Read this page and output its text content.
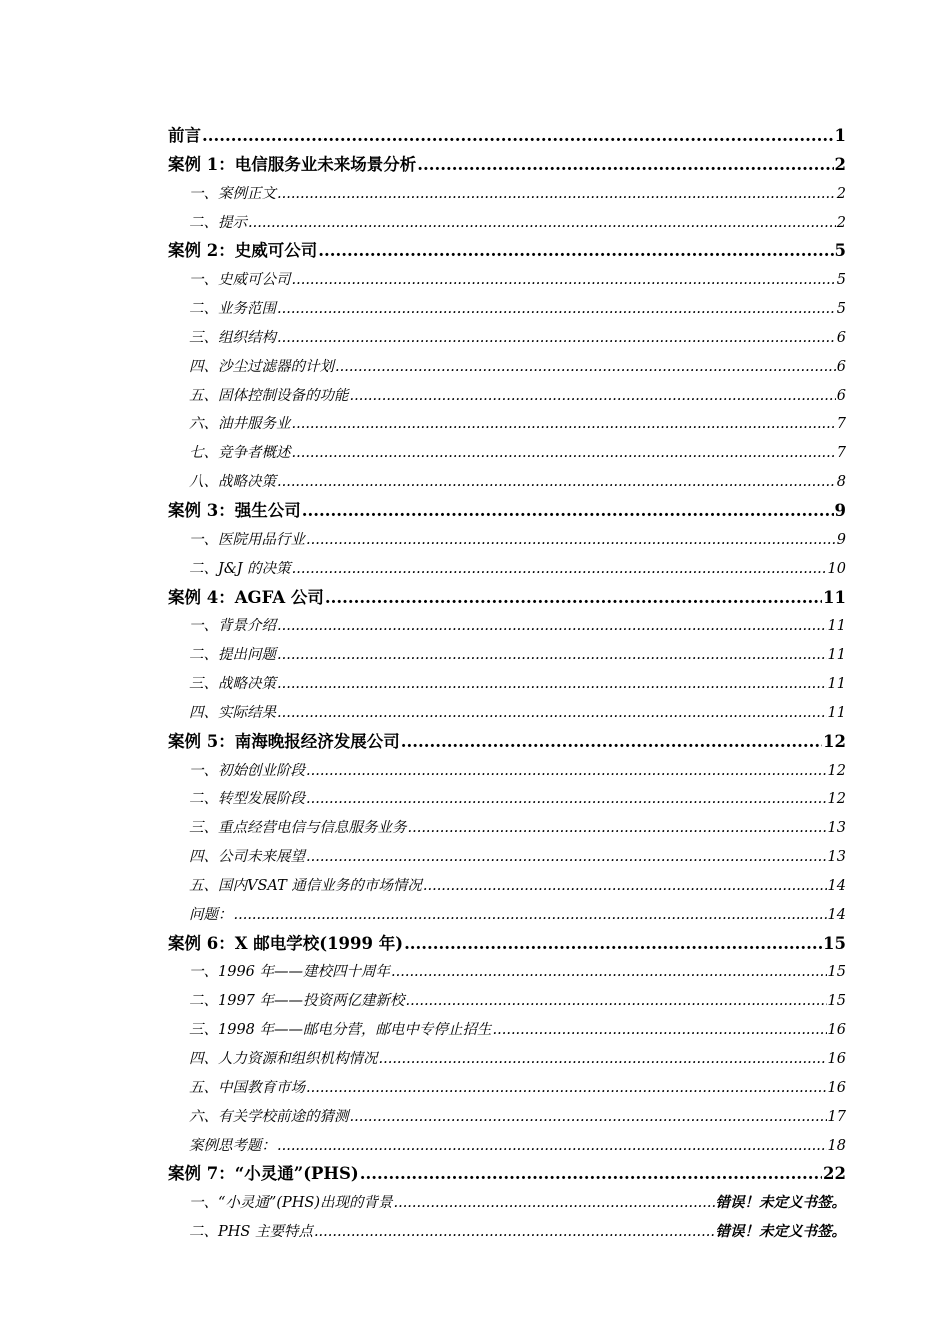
前言 .....	1
案例 1：电信服务业未来场景分析 .....	2
一、案例正文 .....	2
二、提示 .....	2
案例 2：史威可公司 .....	5
一、史威可公司 .....	5
二、业务范围 .....	5
三、组织结构 .....	6
四、沙尘过滤器的计划 .....	6
五、固体控制设备的功能 .....	6
六、油井服务业 .....	7
七、竞争者概述 .....	7
八、战略决策 .....	8
案例 3：强生公司 .....	9
一、医院用品行业 .....	9
二、J&J 的决策 .....	10
案例 4：AGFA 公司 .....	11
一、背景介绍 .....	11
二、提出问题 .....	11
三、战略决策 .....	11
四、实际结果 .....	11
案例 5：南海晚报经济发展公司 .....	12
一、初始创业阶段 .....	12
二、转型发展阶段 .....	12
三、重点经营电信与信息服务业务 .....	13
四、公司未来展望 .....	13
五、国内VSAT 通信业务的市场情况 .....	14
问题： .....	14
案例 6：X 邮电学校(1999 年) .....	15
一、1996 年——建校四十周年 .....	15
二、1997 年——投资两亿建新校 .....	15
三、1998 年——邮电分营，邮电中专停止招生 .....	16
四、人力资源和组织机构情况 .....	16
五、中国教育市场 .....	16
六、有关学校前途的猜测 .....	17
案例思考题： .....	18
案例 7：“小灵通”(PHS) .....	22
一、“小灵通”(PHS)出现的背景 .....	错误！未定义书签。
二、PHS 主要特点 .....	错误！未定义书签。
